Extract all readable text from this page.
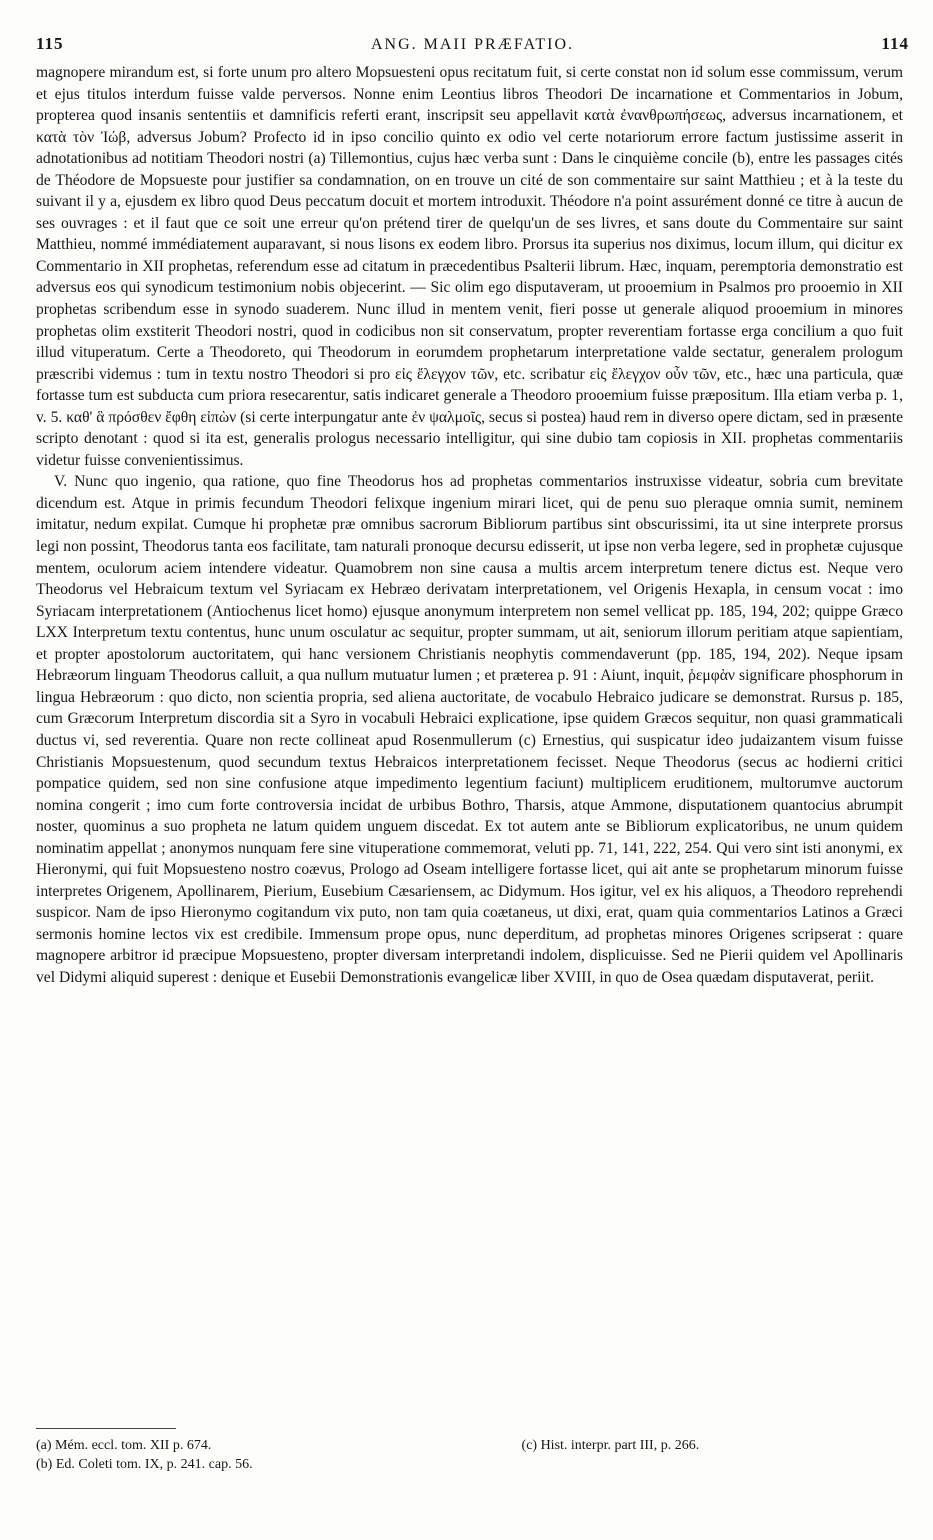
115	ANG. MAII PRÆFATIO.	114

magnopere mirandum est, si forte unum pro altero Mopsuesteni opus recitatum fuit, si certe constat non id solum esse commissum, verum et ejus titulos interdum fuisse valde perversos. Nonne enim Leontius libros Theodori De incarnatione et Commentarios in Jobum, propterea quod insanis sententiis et damnificis referti erant, inscripsit seu appellavit κατὰ ἐνανθρωπήσεως, adversus incarnationem, et κατὰ τὸν Ἰώβ, adversus Jobum? Profecto id in ipso concilio quinto ex odio vel certe notariorum errore factum justissime asserit in adnotationibus ad notitiam Theodori nostri (a) Tillemontius, cujus hæc verba sunt : Dans le cinquième concile (b), entre les passages cités de Théodore de Mopsueste pour justifier sa condamnation, on en trouve un cité de son commentaire sur saint Matthieu ; et à la teste du suivant il y a, ejusdem ex libro quod Deus peccatum docuit et mortem introduxit. Théodore n'a point assurément donné ce titre à aucun de ses ouvrages : et il faut que ce soit une erreur qu'on prétend tirer de quelqu'un de ses livres, et sans doute du Commentaire sur saint Matthieu, nommé immédiatement auparavant, si nous lisons ex eodem libro. Prorsus ita superius nos diximus, locum illum, qui dicitur ex Commentario in XII prophetas, referendum esse ad citatum in præcedentibus Psalterii librum. Hæc, inquam, peremptoria demonstratio est adversus eos qui synodicum testimonium nobis objecerint. — Sic olim ego disputaveram, ut prooemium in Psalmos pro prooemio in XII prophetas scribendum esse in synodo suaderem. Nunc illud in mentem venit, fieri posse ut generale aliquod prooemium in minores prophetas olim exstiterit Theodori nostri, quod in codicibus non sit conservatum, propter reverentiam fortasse erga concilium a quo fuit illud vituperatum. Certe a Theodoreto, qui Theodorum in eorumdem prophetarum interpretatione valde sectatur, generalem prologum præscribi videmus : tum in textu nostro Theodori si pro εἰς ἔλεγχον τῶν, etc. scribatur εἰς ἔλεγχον οὖν τῶν, etc., hæc una particula, quæ fortasse tum est subducta cum priora resecarentur, satis indicaret generale a Theodoro prooemium fuisse præpositum. Illa etiam verba p. 1, v. 5. καθ' ἃ πρόσθεν ἔφθη εἰπὼν (si certe interpungatur ante ἐν ψαλμοῖς, secus si postea) haud rem in diverso opere dictam, sed in præsente scripto denotant : quod si ita est, generalis prologus necessario intelligitur, qui sine dubio tam copiosis in XII. prophetas commentariis videtur fuisse convenientissimus.

V. Nunc quo ingenio, qua ratione, quo fine Theodorus hos ad prophetas commentarios instruxisse videatur, sobria cum brevitate dicendum est. Atque in primis fecundum Theodori felixque ingenium mirari licet, qui de penu suo pleraque omnia sumit, neminem imitatur, nedum expilat. Cumque hi prophetæ præ omnibus sacrorum Bibliorum partibus sint obscurissimi, ita ut sine interprete prorsus legi non possint, Theodorus tanta eos facilitate, tam naturali pronoque decursu edisserit, ut ipse non verba legere, sed in prophetæ cujusque mentem, oculorum aciem intendere videatur. Quamobrem non sine causa a multis arcem interpretum tenere dictus est. Neque vero Theodorus vel Hebraicum textum vel Syriacam ex Hebræo derivatam interpretationem, vel Origenis Hexapla, in censum vocat : imo Syriacam interpretationem (Antiochenus licet homo) ejusque anonymum interpretem non semel vellicat pp. 185, 194, 202; quippe Græco LXX Interpretum textu contentus, hunc unum osculatur ac sequitur, propter summam, ut ait, seniorum illorum peritiam atque sapientiam, et propter apostolorum auctoritatem, qui hanc versionem Christianis neophytis commendaverunt (pp. 185, 194, 202). Neque ipsam Hebræorum linguam Theodorus calluit, a qua nullum mutuatur lumen ; et præterea p. 91 : Aiunt, inquit, ῥεμφὰν significare phosphorum in lingua Hebræorum : quo dicto, non scientia propria, sed aliena auctoritate, de vocabulo Hebraico judicare se demonstrat. Rursus p. 185, cum Græcorum Interpretum discordia sit a Syro in vocabuli Hebraici explicatione, ipse quidem Græcos sequitur, non quasi grammaticali ductus vi, sed reverentia. Quare non recte collineat apud Rosenmullerum (c) Ernestius, qui suspicatur ideo judaizantem visum fuisse Christianis Mopsuestenum, quod secundum textus Hebraicos interpretationem fecisset. Neque Theodorus (secus ac hodierni critici pompatice quidem, sed non sine confusione atque impedimento legentium faciunt) multiplicem eruditionem, multorumve auctorum nomina congerit ; imo cum forte controversia incidat de urbibus Bothro, Tharsis, atque Ammone, disputationem quantocius abrumpit noster, quominus a suo propheta ne latum quidem unguem discedat. Ex tot autem ante se Bibliorum explicatoribus, ne unum quidem nominatim appellat ; anonymos nunquam fere sine vituperatione commemorat, veluti pp. 71, 141, 222, 254. Qui vero sint isti anonymi, ex Hieronymi, qui fuit Mopsuesteno nostro coævus, Prologo ad Oseam intelligere fortasse licet, qui ait ante se prophetarum minorum fuisse interpretes Origenem, Apollinarem, Pierium, Eusebium Cæsariensem, ac Didymum. Hos igitur, vel ex his aliquos, a Theodoro reprehendi suspicor. Nam de ipso Hieronymo cogitandum vix puto, non tam quia coætaneus, ut dixi, erat, quam quia commentarios Latinos a Græci sermonis homine lectos vix est credibile. Immensum prope opus, nunc deperditum, ad prophetas minores Origenes scripserat : quare magnopere arbitror id præcipue Mopsuesteno, propter diversam interpretandi indolem, displicuisse. Sed ne Pierii quidem vel Apollinaris vel Didymi aliquid superest : denique et Eusebii Demonstrationis evangelicæ liber XVIII, in quo de Osea quædam disputaverat, periit.

(a) Mém. eccl. tom. XII p. 674.
(b) Ed. Coleti tom. IX, p. 241. cap. 56.
(c) Hist. interpr. part III, p. 266.
